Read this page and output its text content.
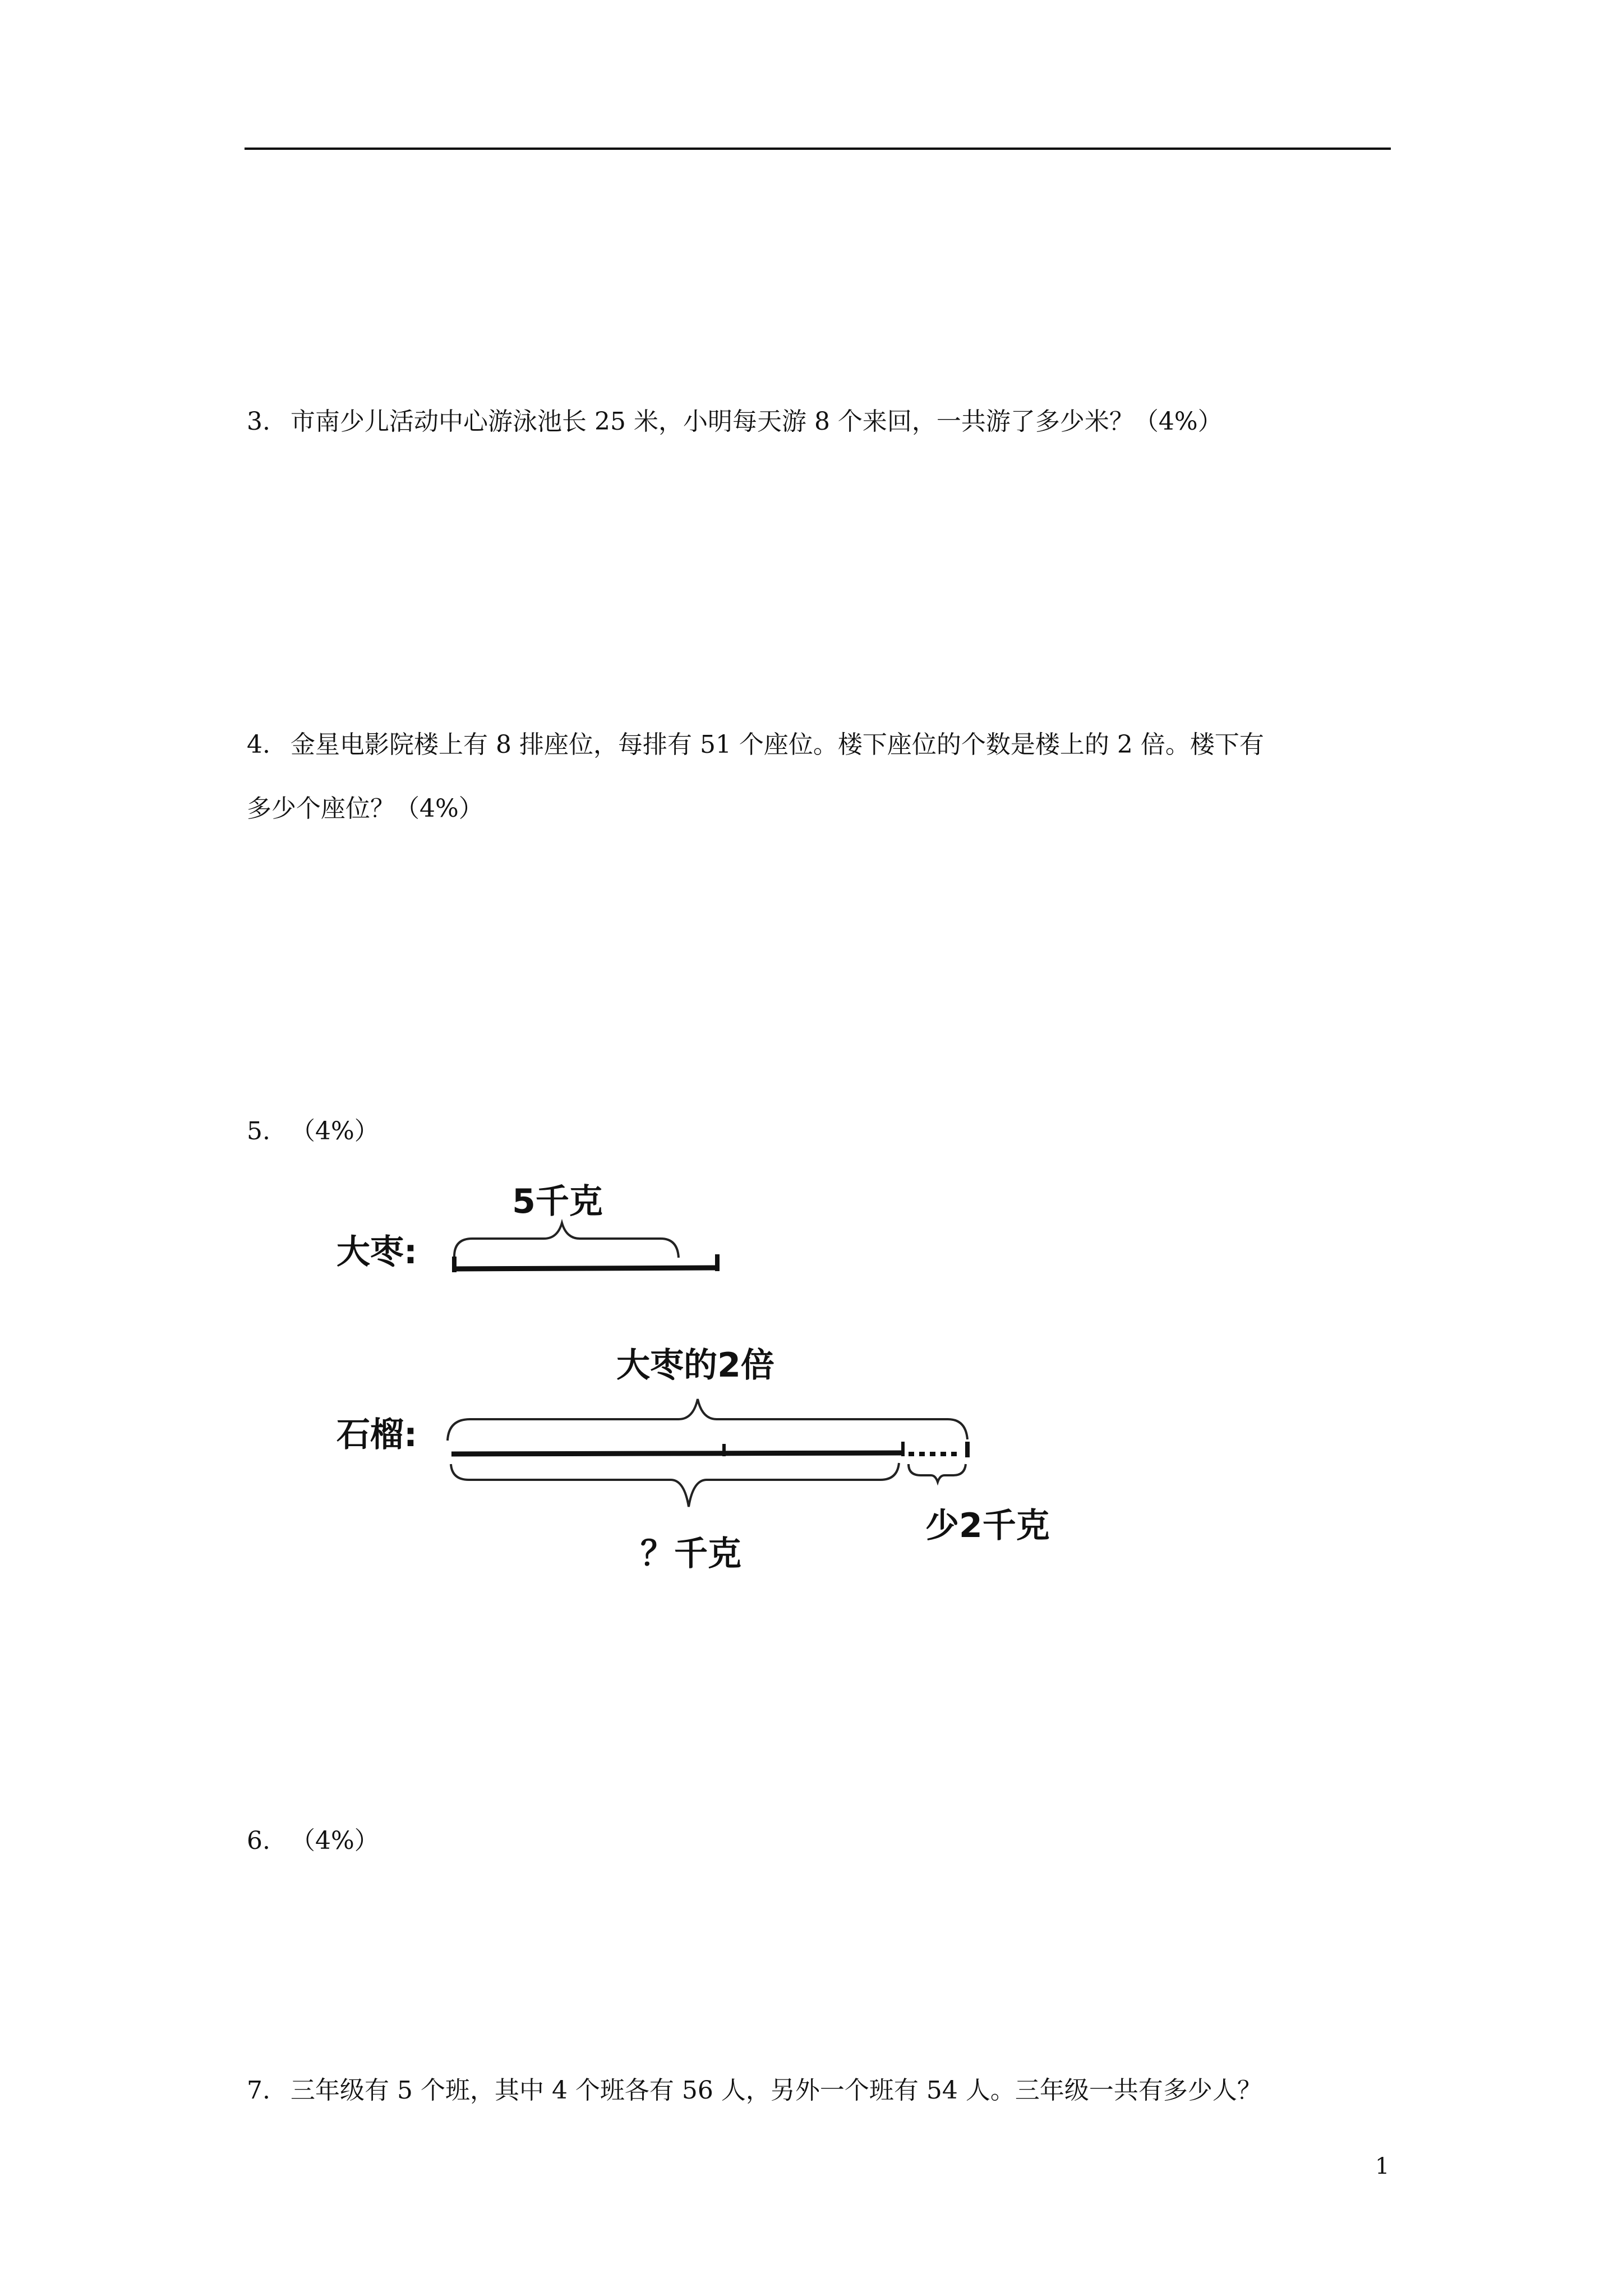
3. 市南少儿活动中心游泳池长 25 米，小明每天游 8 个来回，一共游了多少米？（4%）
4. 金星电影院楼上有 8 排座位，每排有 51 个座位。楼下座位的个数是楼上的 2 倍。楼下有
多少个座位？（4%）
5. （4%）
5千克
大枣:
大枣的2倍
石榴:
？千克
少2千克
6. （4%）
7. 三年级有 5 个班，其中 4 个班各有 56 人，另外一个班有 54 人。三年级一共有多少人？
1
